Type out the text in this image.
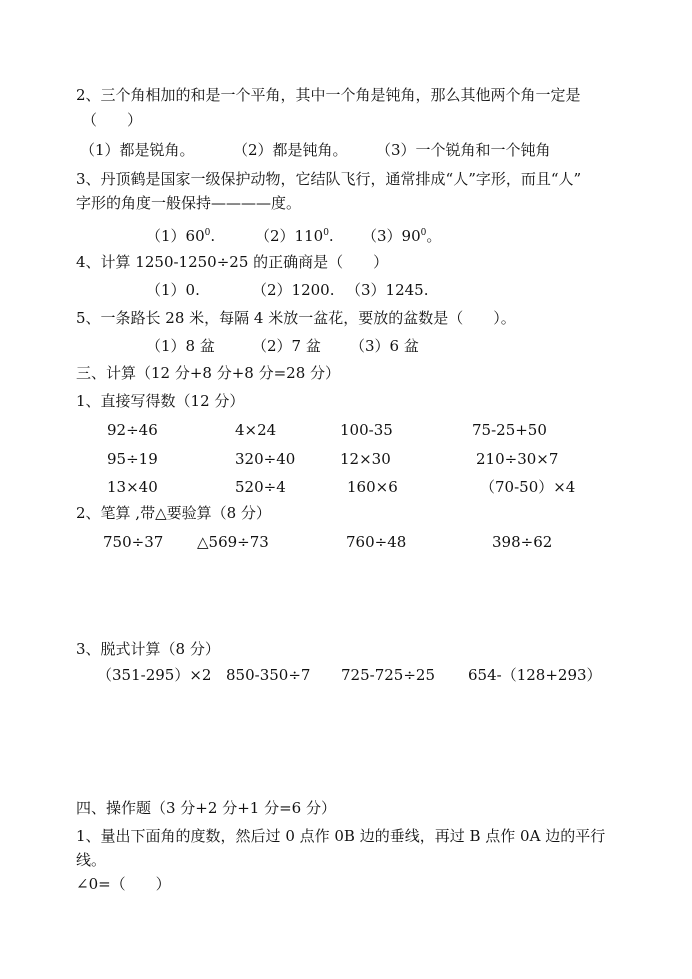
2、三个角相加的和是一个平角，其中一个角是钝角，那么其他两个角一定是
（　　）
（1）都是锐角。	（2）都是钝角。 （3）一个锐角和一个钝角
3、丹顶鹤是国家一级保护动物，它结队飞行，通常排成“人”字形，而且“人”
字形的角度一般保持————度。
$(1)60^0$.	$(2)110^0$. $(3)90^0$。
4、计算 1250-1250÷25 的正确商是（　　）
（1）0.	（2）1200. （3）1245.
5、一条路长 28 米，每隔 4 米放一盆花，要放的盆数是（　　）。
（1）8 盆 （2）7 盆 （3）6 盆
三、计算（12 分+8 分+8 分=28 分）
1、直接写得数（12 分）
92÷46	4×24	100-35	75-25+50
95÷19	320÷40	12×30	210÷30×7
13×40	520÷4	160×6	（70-50）×4
2、笔算 ,带△要验算（8 分）
750÷37 △569÷73	760÷48	398÷62
3、脱式计算（8 分）
（351-295）×2 850-350÷7 725-725÷25 654-（128+293）
四、操作题（3 分+2 分+1 分=6 分）
1、量出下面角的度数，然后过 0 点作 0B 边的垂线，再过 B 点作 0A 边的平行
线。
∠0=（　　）
